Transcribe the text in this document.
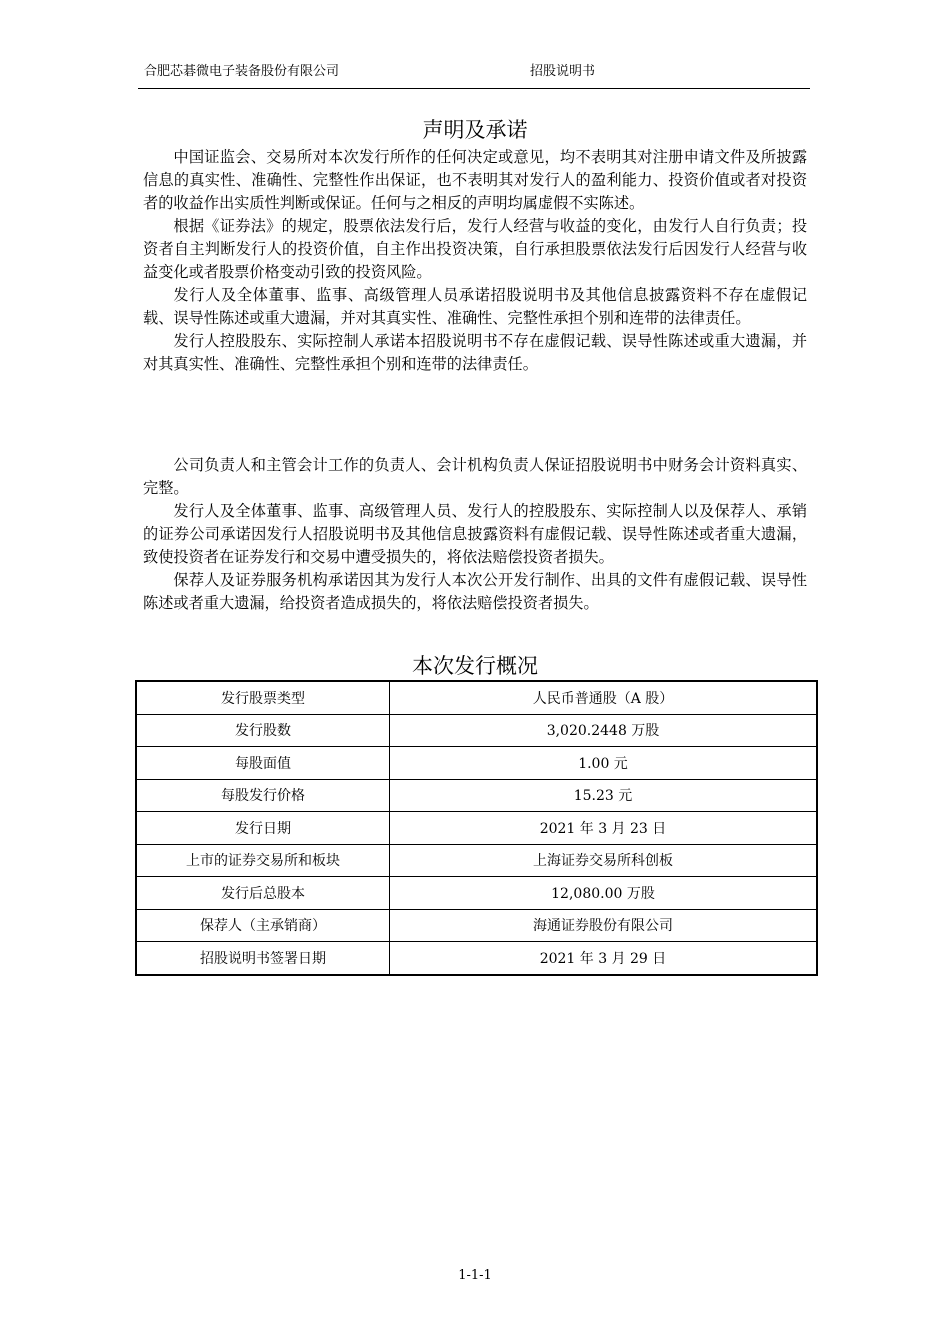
合肥芯碁微电子装备股份有限公司	招股说明书
声明及承诺

中国证监会、交易所对本次发行所作的任何决定或意见，均不表明其对注册申请文件及所披露信息的真实性、准确性、完整性作出保证，也不表明其对发行人的盈利能力、投资价值或者对投资者的收益作出实质性判断或保证。任何与之相反的声明均属虚假不实陈述。

根据《证券法》的规定，股票依法发行后，发行人经营与收益的变化，由发行人自行负责；投资者自主判断发行人的投资价值，自主作出投资决策，自行承担股票依法发行后因发行人经营与收益变化或者股票价格变动引致的投资风险。

发行人及全体董事、监事、高级管理人员承诺招股说明书及其他信息披露资料不存在虚假记载、误导性陈述或重大遗漏，并对其真实性、准确性、完整性承担个别和连带的法律责任。

发行人控股股东、实际控制人承诺本招股说明书不存在虚假记载、误导性陈述或重大遗漏，并对其真实性、准确性、完整性承担个别和连带的法律责任。

公司负责人和主管会计工作的负责人、会计机构负责人保证招股说明书中财务会计资料真实、完整。

发行人及全体董事、监事、高级管理人员、发行人的控股股东、实际控制人以及保荐人、承销的证券公司承诺因发行人招股说明书及其他信息披露资料有虚假记载、误导性陈述或者重大遗漏，致使投资者在证券发行和交易中遭受损失的，将依法赔偿投资者损失。

保荐人及证券服务机构承诺因其为发行人本次公开发行制作、出具的文件有虚假记载、误导性陈述或者重大遗漏，给投资者造成损失的，将依法赔偿投资者损失。

本次发行概况
发行股票类型	人民币普通股（A 股）
发行股数	3,020.2448 万股
每股面值	1.00 元
每股发行价格	15.23 元
发行日期	2021 年 3 月 23 日
上市的证券交易所和板块	上海证券交易所科创板
发行后总股本	12,080.00 万股
保荐人（主承销商）	海通证券股份有限公司
招股说明书签署日期	2021 年 3 月 29 日
1-1-1
